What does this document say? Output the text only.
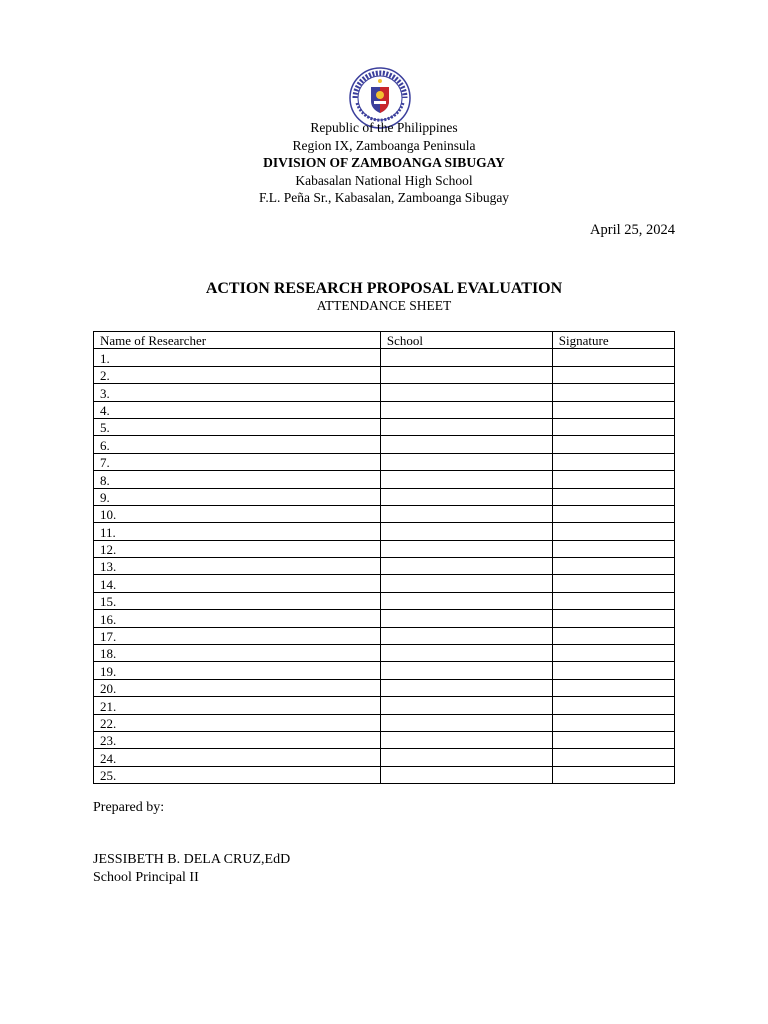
Republic of the Philippines
Region IX, Zamboanga Peninsula
DIVISION OF ZAMBOANGA SIBUGAY
Kabasalan National High School
F.L. Peña Sr., Kabasalan, Zamboanga Sibugay
April 25, 2024
ACTION RESEARCH PROPOSAL EVALUATION
ATTENDANCE SHEET
Name of Researcher	School	Signature
1.		
2.		
3.		
4.		
5.		
6.		
7.		
8.		
9.		
10.		
11.		
12.		
13.		
14.		
15.		
16.		
17.		
18.		
19.		
20.		
21.		
22.		
23.		
24.		
25.		
Prepared by:
JESSIBETH B. DELA CRUZ,EdD
School Principal II
